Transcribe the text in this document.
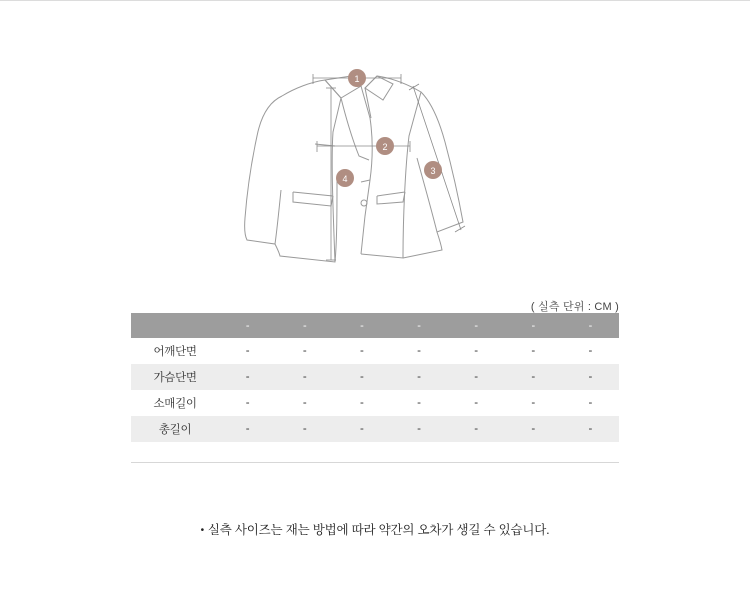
1
2
3
4
( 실측 단위 : CM )
	-	-	-	-	-	-	-
어깨단면	-	-	-	-	-	-	-
가슴단면	-	-	-	-	-	-	-
소매길이	-	-	-	-	-	-	-
총길이	-	-	-	-	-	-	-
• 실측 사이즈는 재는 방법에 따라 약간의 오차가 생길 수 있습니다.
